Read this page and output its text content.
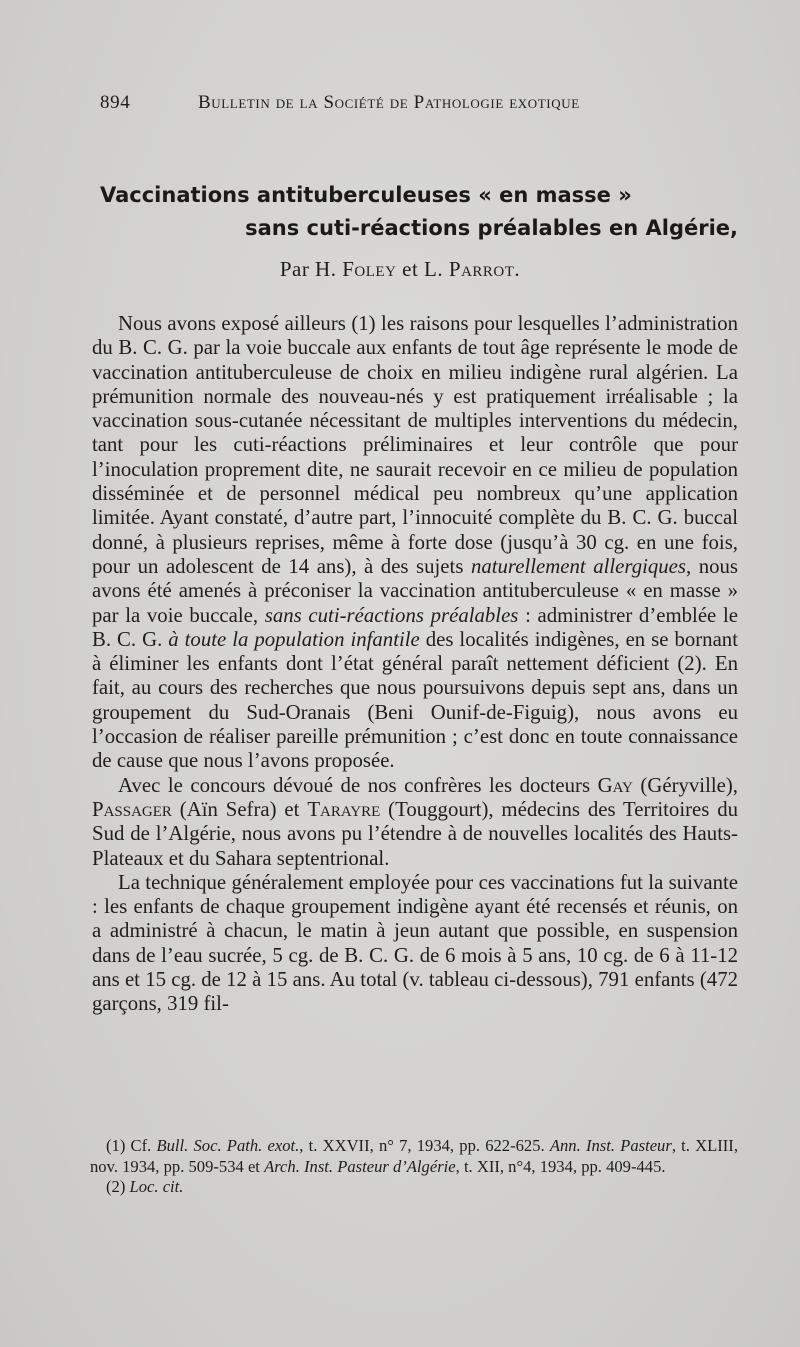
894	Bulletin de la Société de Pathologie exotique
Vaccinations antituberculeuses « en masse »
sans cuti-réactions préalables en Algérie,
Par H. Foley et L. Parrot.

Nous avons exposé ailleurs (1) les raisons pour lesquelles l’administration du B. C. G. par la voie buccale aux enfants de tout âge représente le mode de vaccination antituberculeuse de choix en milieu indigène rural algérien. La prémunition normale des nouveau-nés y est pratiquement irréalisable ; la vaccination sous-cutanée nécessitant de multiples interventions du médecin, tant pour les cuti-réactions préliminaires et leur contrôle que pour l’inoculation proprement dite, ne saurait recevoir en ce milieu de population disséminée et de personnel médical peu nombreux qu’une application limitée. Ayant constaté, d’autre part, l’innocuité complète du B. C. G. buccal donné, à plusieurs reprises, même à forte dose (jusqu’à 30 cg. en une fois, pour un adolescent de 14 ans), à des sujets naturellement allergiques, nous avons été amenés à préconiser la vaccination antituberculeuse « en masse » par la voie buccale, sans cuti-réactions préalables : administrer d’emblée le B. C. G. à toute la population infantile des localités indigènes, en se bornant à éliminer les enfants dont l’état général paraît nettement déficient (2). En fait, au cours des recherches que nous poursuivons depuis sept ans, dans un groupement du Sud-Oranais (Beni Ounif-de-Figuig), nous avons eu l’occasion de réaliser pareille prémunition ; c’est donc en toute connaissance de cause que nous l’avons proposée.

Avec le concours dévoué de nos confrères les docteurs Gay (Géryville), Passager (Aïn Sefra) et Tarayre (Touggourt), médecins des Territoires du Sud de l’Algérie, nous avons pu l’étendre à de nouvelles localités des Hauts-Plateaux et du Sahara septentrional.

La technique généralement employée pour ces vaccinations fut la suivante : les enfants de chaque groupement indigène ayant été recensés et réunis, on a administré à chacun, le matin à jeun autant que possible, en suspension dans de l’eau sucrée, 5 cg. de B. C. G. de 6 mois à 5 ans, 10 cg. de 6 à 11-12 ans et 15 cg. de 12 à 15 ans. Au total (v. tableau ci-dessous), 791 enfants (472 garçons, 319 fil-

(1) Cf. Bull. Soc. Path. exot., t. XXVII, n° 7, 1934, pp. 622-625. Ann. Inst. Pasteur, t. XLIII, nov. 1934, pp. 509-534 et Arch. Inst. Pasteur d’Algérie, t. XII, n°4, 1934, pp. 409-445.

(2) Loc. cit.
